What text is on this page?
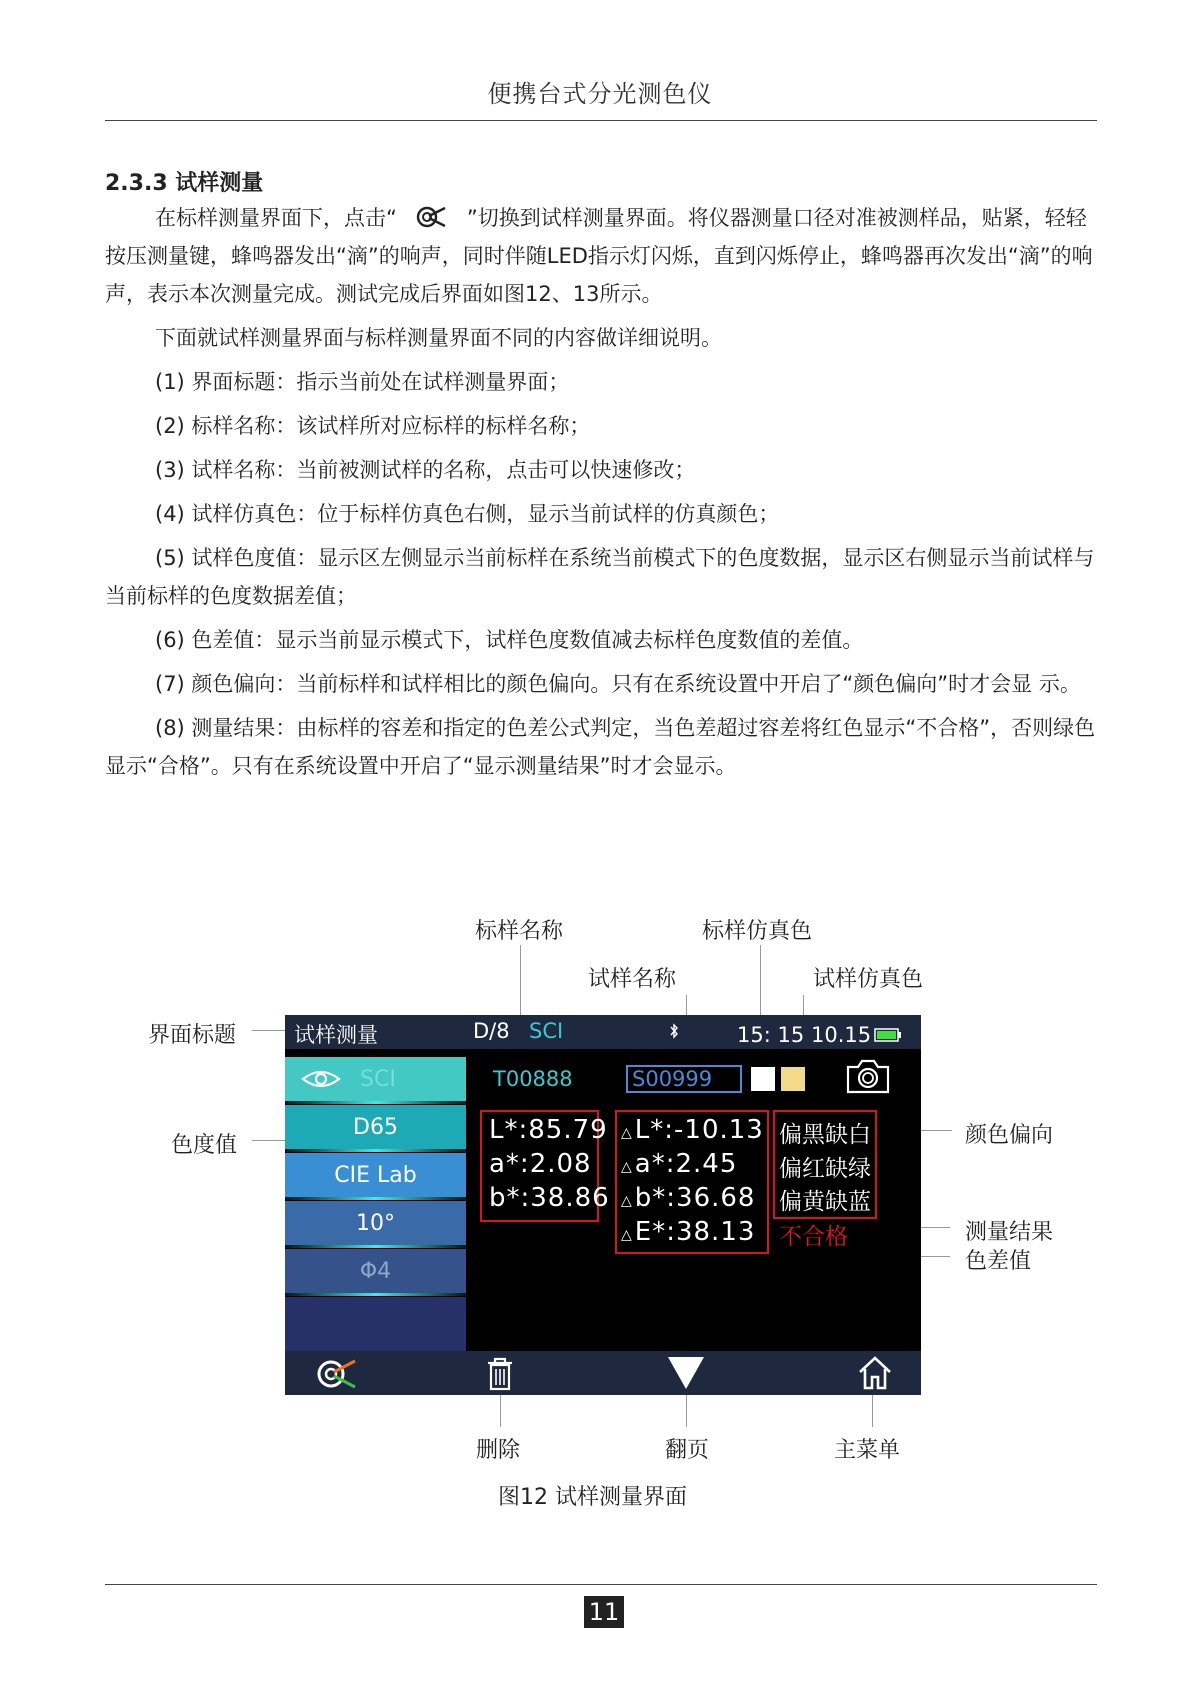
便携台式分光测色仪
2.3.3 试样测量

在标样测量界面下，点击“	”切换到试样测量界面。将仪器测量口径对准被测样品，贴紧，轻轻按压测量键，蜂鸣器发出“滴”的响声，同时伴随LED指示灯闪烁，直到闪烁停止，蜂鸣器再次发出“滴”的响声，表示本次测量完成。测试完成后界面如图12、13所示。

下面就试样测量界面与标样测量界面不同的内容做详细说明。

(1) 界面标题：指示当前处在试样测量界面；

(2) 标样名称：该试样所对应标样的标样名称；

(3) 试样名称：当前被测试样的名称，点击可以快速修改；

(4) 试样仿真色：位于标样仿真色右侧，显示当前试样的仿真颜色；

(5) 试样色度值：显示区左侧显示当前标样在系统当前模式下的色度数据，显示区右侧显示当前试样与当前标样的色度数据差值；

(6) 色差值：显示当前显示模式下，试样色度数值减去标样色度数值的差值。

(7) 颜色偏向：当前标样和试样相比的颜色偏向。只有在系统设置中开启了“颜色偏向”时才会显 示。

(8) 测量结果：由标样的容差和指定的色差公式判定，当色差超过容差将红色显示“不合格”，否则绿色显示“合格”。只有在系统设置中开启了“显示测量结果”时才会显示。

标样名称	标样仿真色
试样名称	试样仿真色
界面标题
色度值	颜色偏向
测量结果
色差值
删除	翻页	主菜单
试样测量	D/8 SCI	15: 15 10.15
SCI
D65
CIE Lab
10°
Φ4
T00888	S00999
L*:85.79
a*:2.08
b*:38.86
△L*:-10.13
△a*:2.45
△b*:36.68
△E*:38.13
偏黑缺白
偏红缺绿
偏黄缺蓝
不合格
图12 试样测量界面
11
